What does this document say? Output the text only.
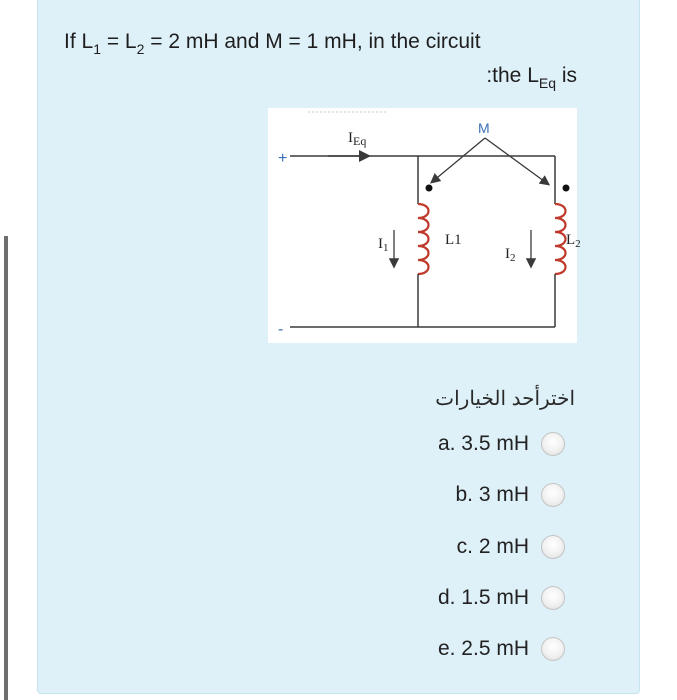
If $L_1 = L_2 = 2$ mH and M = 1 mH, in the circuit
:the $L_{Eq}$ is
+
-
$I_{Eq}$
M
$I_1$	L1
$I_2$
$L_2$
اخترأحد الخيارات
a. 3.5 mH
b. 3 mH
c. 2 mH
d. 1.5 mH
e. 2.5 mH
